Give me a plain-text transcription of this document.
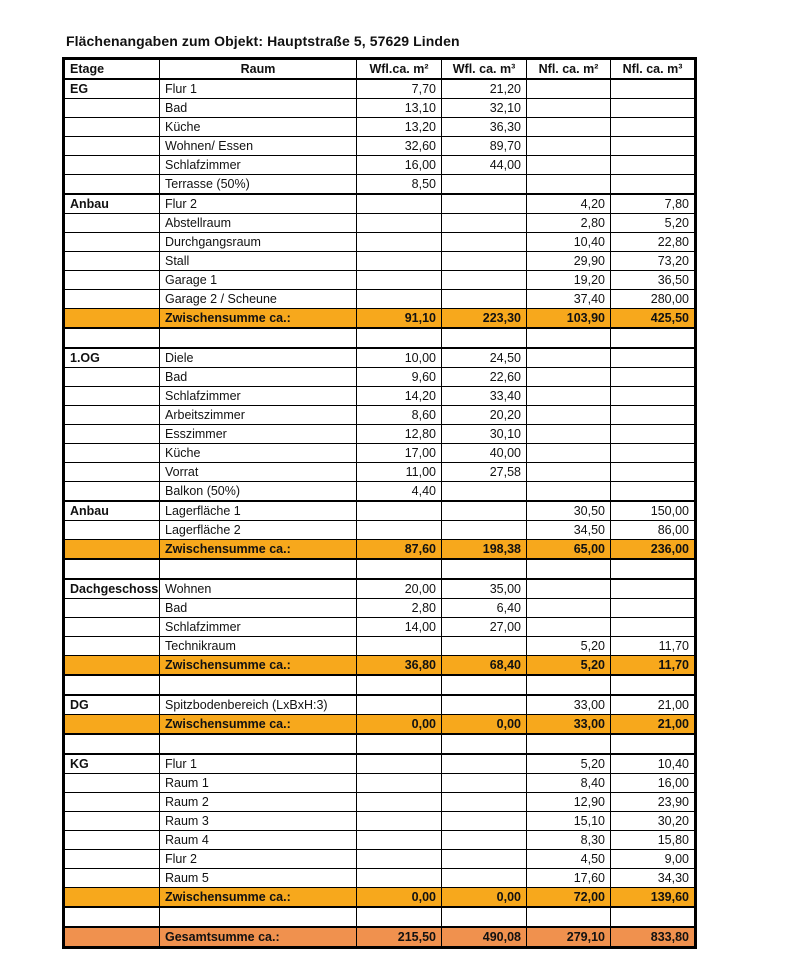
Flächenangaben zum Objekt: Hauptstraße 5, 57629 Linden
Etage	Raum	Wfl.ca. m²	Wfl. ca. m³	Nfl. ca. m²	Nfl. ca. m³
EG	Flur 1	7,70	21,20		
	Bad	13,10	32,10		
	Küche	13,20	36,30		
	Wohnen/ Essen	32,60	89,70		
	Schlafzimmer	16,00	44,00		
	Terrasse (50%)	8,50			
Anbau	Flur 2			4,20	7,80
	Abstellraum			2,80	5,20
	Durchgangsraum			10,40	22,80
	Stall			29,90	73,20
	Garage 1			19,20	36,50
	Garage 2 / Scheune			37,40	280,00
	Zwischensumme ca.:	91,10	223,30	103,90	425,50

1.OG	Diele	10,00	24,50		
	Bad	9,60	22,60		
	Schlafzimmer	14,20	33,40		
	Arbeitszimmer	8,60	20,20		
	Esszimmer	12,80	30,10		
	Küche	17,00	40,00		
	Vorrat	11,00	27,58		
	Balkon (50%)	4,40			
Anbau	Lagerfläche 1			30,50	150,00
	Lagerfläche 2			34,50	86,00
	Zwischensumme ca.:	87,60	198,38	65,00	236,00

Dachgeschoss	Wohnen	20,00	35,00		
	Bad	2,80	6,40		
	Schlafzimmer	14,00	27,00		
	Technikraum			5,20	11,70
	Zwischensumme ca.:	36,80	68,40	5,20	11,70

DG	Spitzbodenbereich (LxBxH:3)			33,00	21,00
	Zwischensumme ca.:	0,00	0,00	33,00	21,00

KG	Flur 1			5,20	10,40
	Raum 1			8,40	16,00
	Raum 2			12,90	23,90
	Raum 3			15,10	30,20
	Raum 4			8,30	15,80
	Flur 2			4,50	9,00
	Raum 5			17,60	34,30
	Zwischensumme ca.:	0,00	0,00	72,00	139,60

	Gesamtsumme ca.:	215,50	490,08	279,10	833,80
